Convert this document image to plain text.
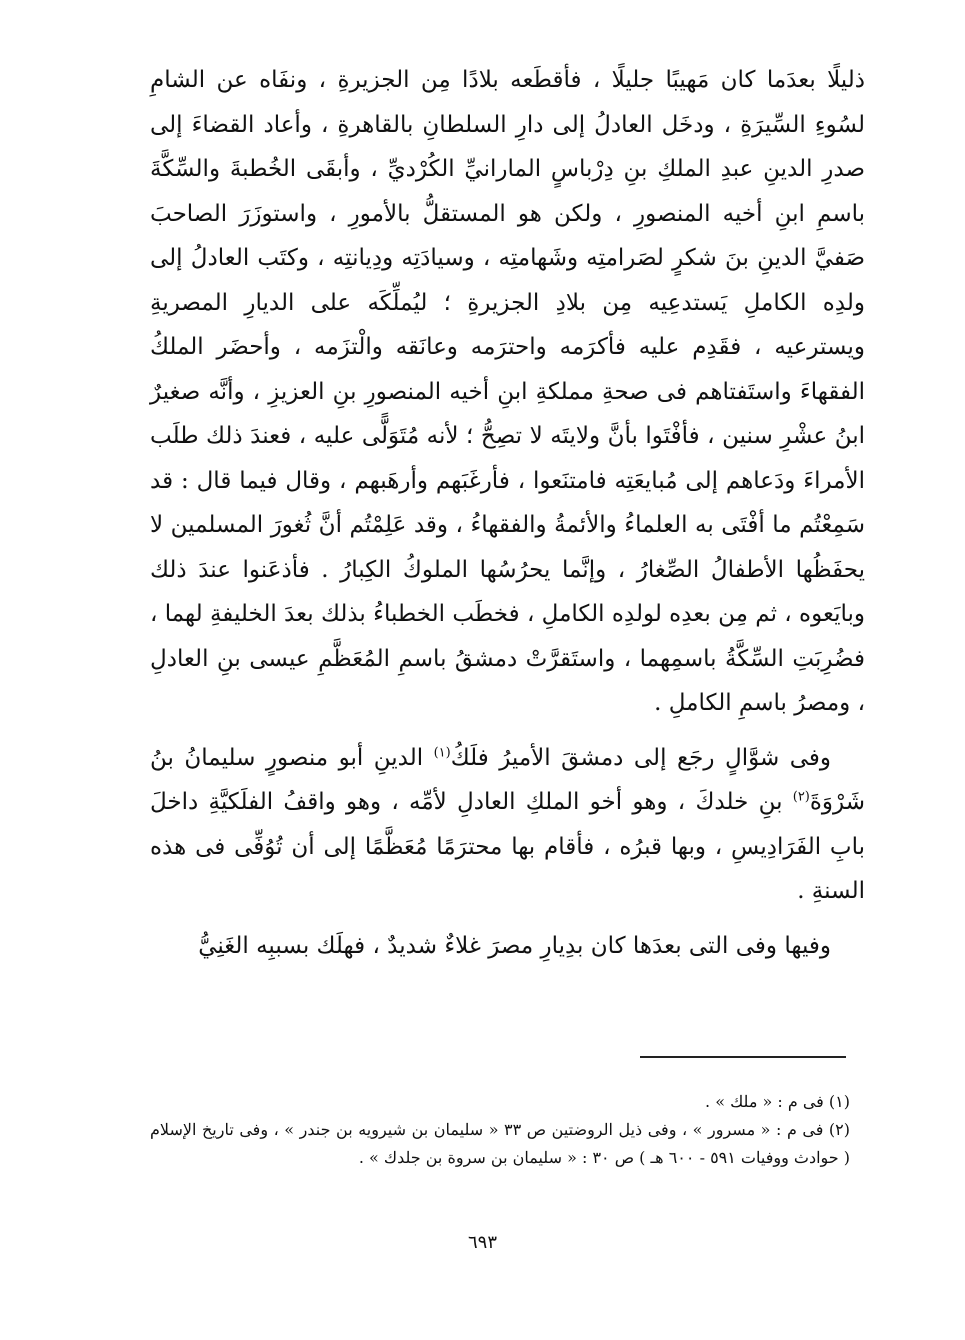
ذليلًا بعدَما كان مَهيبًا جليلًا ، فأقطَعه بلادًا مِن الجزيرةِ ، ونفَاه عن الشامِ لسُوءِ السِّيرَةِ ، ودخَل العادلُ إلى دارِ السلطانِ بالقاهرةِ ، وأعاد القضاءَ إلى صدرِ الدينِ عبدِ الملكِ بنِ دِرْباسٍ المارانيِّ الكُرْديِّ ، وأبقَى الخُطبةَ والسِّكَّةَ باسمِ ابنِ أخيه المنصورِ ، ولكن هو المستقلُّ بالأمورِ ، واستوزَرَ الصاحبَ صَفيَّ الدينِ بنَ شكرٍ لصَرامتِه وشَهامتِه ، وسيادَتِه ودِيانتِه ، وكتَب العادلُ إلى ولدِه الكاملِ يَستدعِيه مِن بلادِ الجزيرةِ ؛ ليُملِّكَه على الديارِ المصريةِ ويسترعيه ، فقَدِم عليه فأكرَمه واحترَمه وعانَقه والْتزَمه ، وأحضَر الملكُ الفقهاءَ واستَفتاهم فى صحةِ مملكةِ ابنِ أخيه المنصورِ بنِ العزيزِ ، وأنَّه صغيرٌ ابنُ عشْرِ سنين ، فأفْتَوا بأنَّ ولايتَه لا تصِحُّ ؛ لأنه مُتَوَلًّى عليه ، فعندَ ذلك طلَب الأمراءَ ودَعاهم إلى مُبايعَتِه فامتنَعوا ، فأرغَبَهم وأرهَبهم ، وقال فيما قال : قد سَمِعْتُم ما أفْتَى به العلماءُ والأئمةُ والفقهاءُ ، وقد عَلِمْتُم أنَّ ثُغورَ المسلمين لا يحفَظُها الأطفالُ الصِّغارُ ، وإنَّما يحرُسُها الملوكُ الكِبارُ . فأذعَنوا عندَ ذلك وبايَعوه ، ثم مِن بعدِه لولدِه الكاملِ ، فخطَب الخطباءُ بذلك بعدَ الخليفةِ لهما ، فضُرِبَتِ السِّكَّةُ باسمِهما ، واستَقرَّتْ دمشقُ باسمِ المُعَظَّمِ عيسى بنِ العادلِ ، ومصرُ باسمِ الكاملِ .

وفى شوَّالٍ رجَع إلى دمشقَ الأميرُ فلَكُ$^{(١)}$ الدينِ أبو منصورٍ سليمانُ بنُ شَرْوَةَ$^{(٢)}$ بنِ خلدكَ ، وهو أخو الملكِ العادلِ لأمِّه ، وهو واقفُ الفلَكيَّةِ داخلَ بابِ الفَرَادِيسِ ، وبها قبرُه ، فأقام بها محترَمًا مُعَظَّمًا إلى أن تُوُفِّى فى هذه السنةِ .

وفيها وفى التى بعدَها كان بدِيارِ مصرَ غلاءٌ شديدٌ ، فهلَك بسببِه الغَنِيُّ

(١) فى م : « ملك » .

(٢) فى م : « مسرور » ، وفى ذيل الروضتين ص ٣٣ « سليمان بن شيرويه بن جندر » ، وفى تاريخ الإسلام ( حوادث ووفيات ٥٩١ - ٦٠٠ هـ ) ص ٣٠ : « سليمان بن سروة بن جلدك » .

٦٩٣
